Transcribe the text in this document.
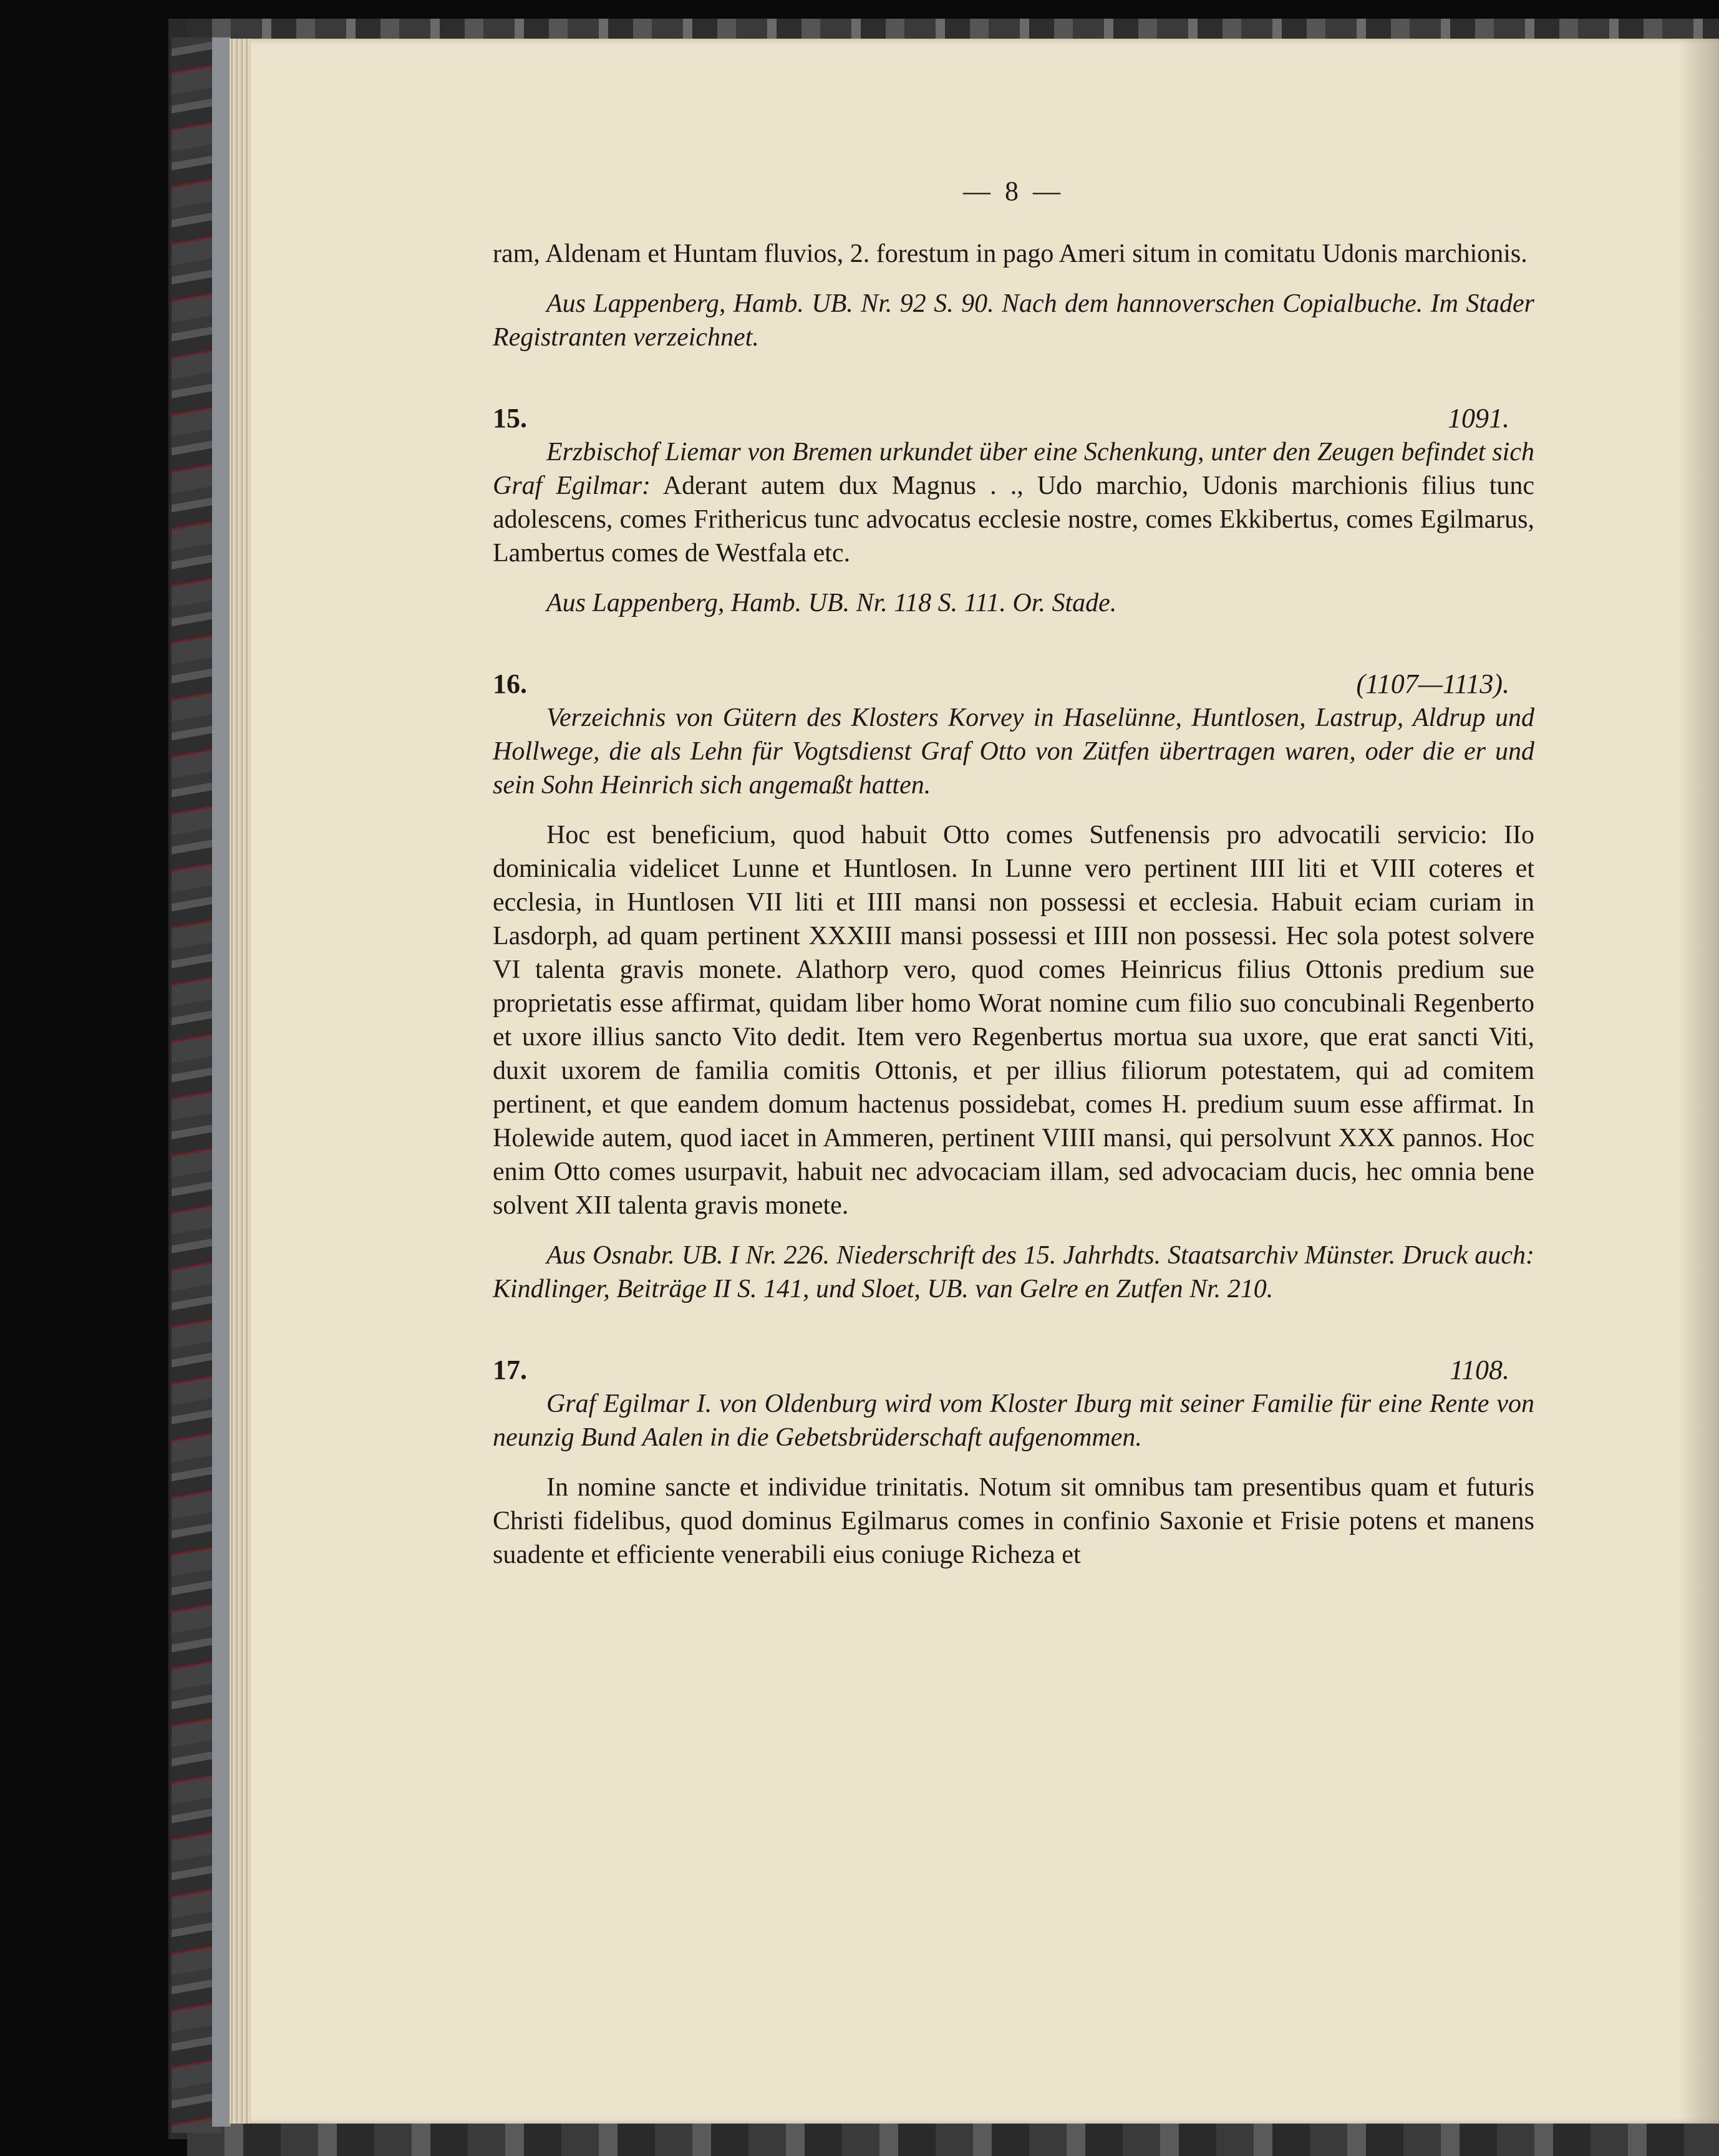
— 8 —

ram, Aldenam et Huntam fluvios, 2. forestum in pago Ameri situm in comitatu Udonis marchionis.

Aus Lappenberg, Hamb. UB. Nr. 92 S. 90. Nach dem hannoverschen Copialbuche. Im Stader Registranten verzeichnet.

15.	1091.

Erzbischof Liemar von Bremen urkundet über eine Schenkung, unter den Zeugen befindet sich Graf Egilmar: Aderant autem dux Magnus . ., Udo marchio, Udonis marchionis filius tunc adolescens, comes Frithericus tunc advocatus ecclesie nostre, comes Ekkibertus, comes Egilmarus, Lambertus comes de Westfala etc.

Aus Lappenberg, Hamb. UB. Nr. 118 S. 111. Or. Stade.

16.	(1107—1113).

Verzeichnis von Gütern des Klosters Korvey in Haselünne, Huntlosen, Lastrup, Aldrup und Hollwege, die als Lehn für Vogtsdienst Graf Otto von Zütfen übertragen waren, oder die er und sein Sohn Heinrich sich angemaßt hatten.

Hoc est beneficium, quod habuit Otto comes Sutfenensis pro advocatili servicio: IIo dominicalia videlicet Lunne et Huntlosen. In Lunne vero pertinent IIII liti et VIII coteres et ecclesia, in Huntlosen VII liti et IIII mansi non possessi et ecclesia. Habuit eciam curiam in Lasdorph, ad quam pertinent XXXIII mansi possessi et IIII non possessi. Hec sola potest solvere VI talenta gravis monete. Alathorp vero, quod comes Heinricus filius Ottonis predium sue proprietatis esse affirmat, quidam liber homo Worat nomine cum filio suo concubinali Regenberto et uxore illius sancto Vito dedit. Item vero Regenbertus mortua sua uxore, que erat sancti Viti, duxit uxorem de familia comitis Ottonis, et per illius filiorum potestatem, qui ad comitem pertinent, et que eandem domum hactenus possidebat, comes H. predium suum esse affirmat. In Holewide autem, quod iacet in Ammeren, pertinent VIIII mansi, qui persolvunt XXX pannos. Hoc enim Otto comes usurpavit, habuit nec advocaciam illam, sed advocaciam ducis, hec omnia bene solvent XII talenta gravis monete.

Aus Osnabr. UB. I Nr. 226. Niederschrift des 15. Jahrhdts. Staatsarchiv Münster. Druck auch: Kindlinger, Beiträge II S. 141, und Sloet, UB. van Gelre en Zutfen Nr. 210.

17.	1108.

Graf Egilmar I. von Oldenburg wird vom Kloster Iburg mit seiner Familie für eine Rente von neunzig Bund Aalen in die Gebetsbrüderschaft aufgenommen.

In nomine sancte et individue trinitatis. Notum sit omnibus tam presentibus quam et futuris Christi fidelibus, quod dominus Egilmarus comes in confinio Saxonie et Frisie potens et manens suadente et efficiente venerabili eius coniuge Richeza et
